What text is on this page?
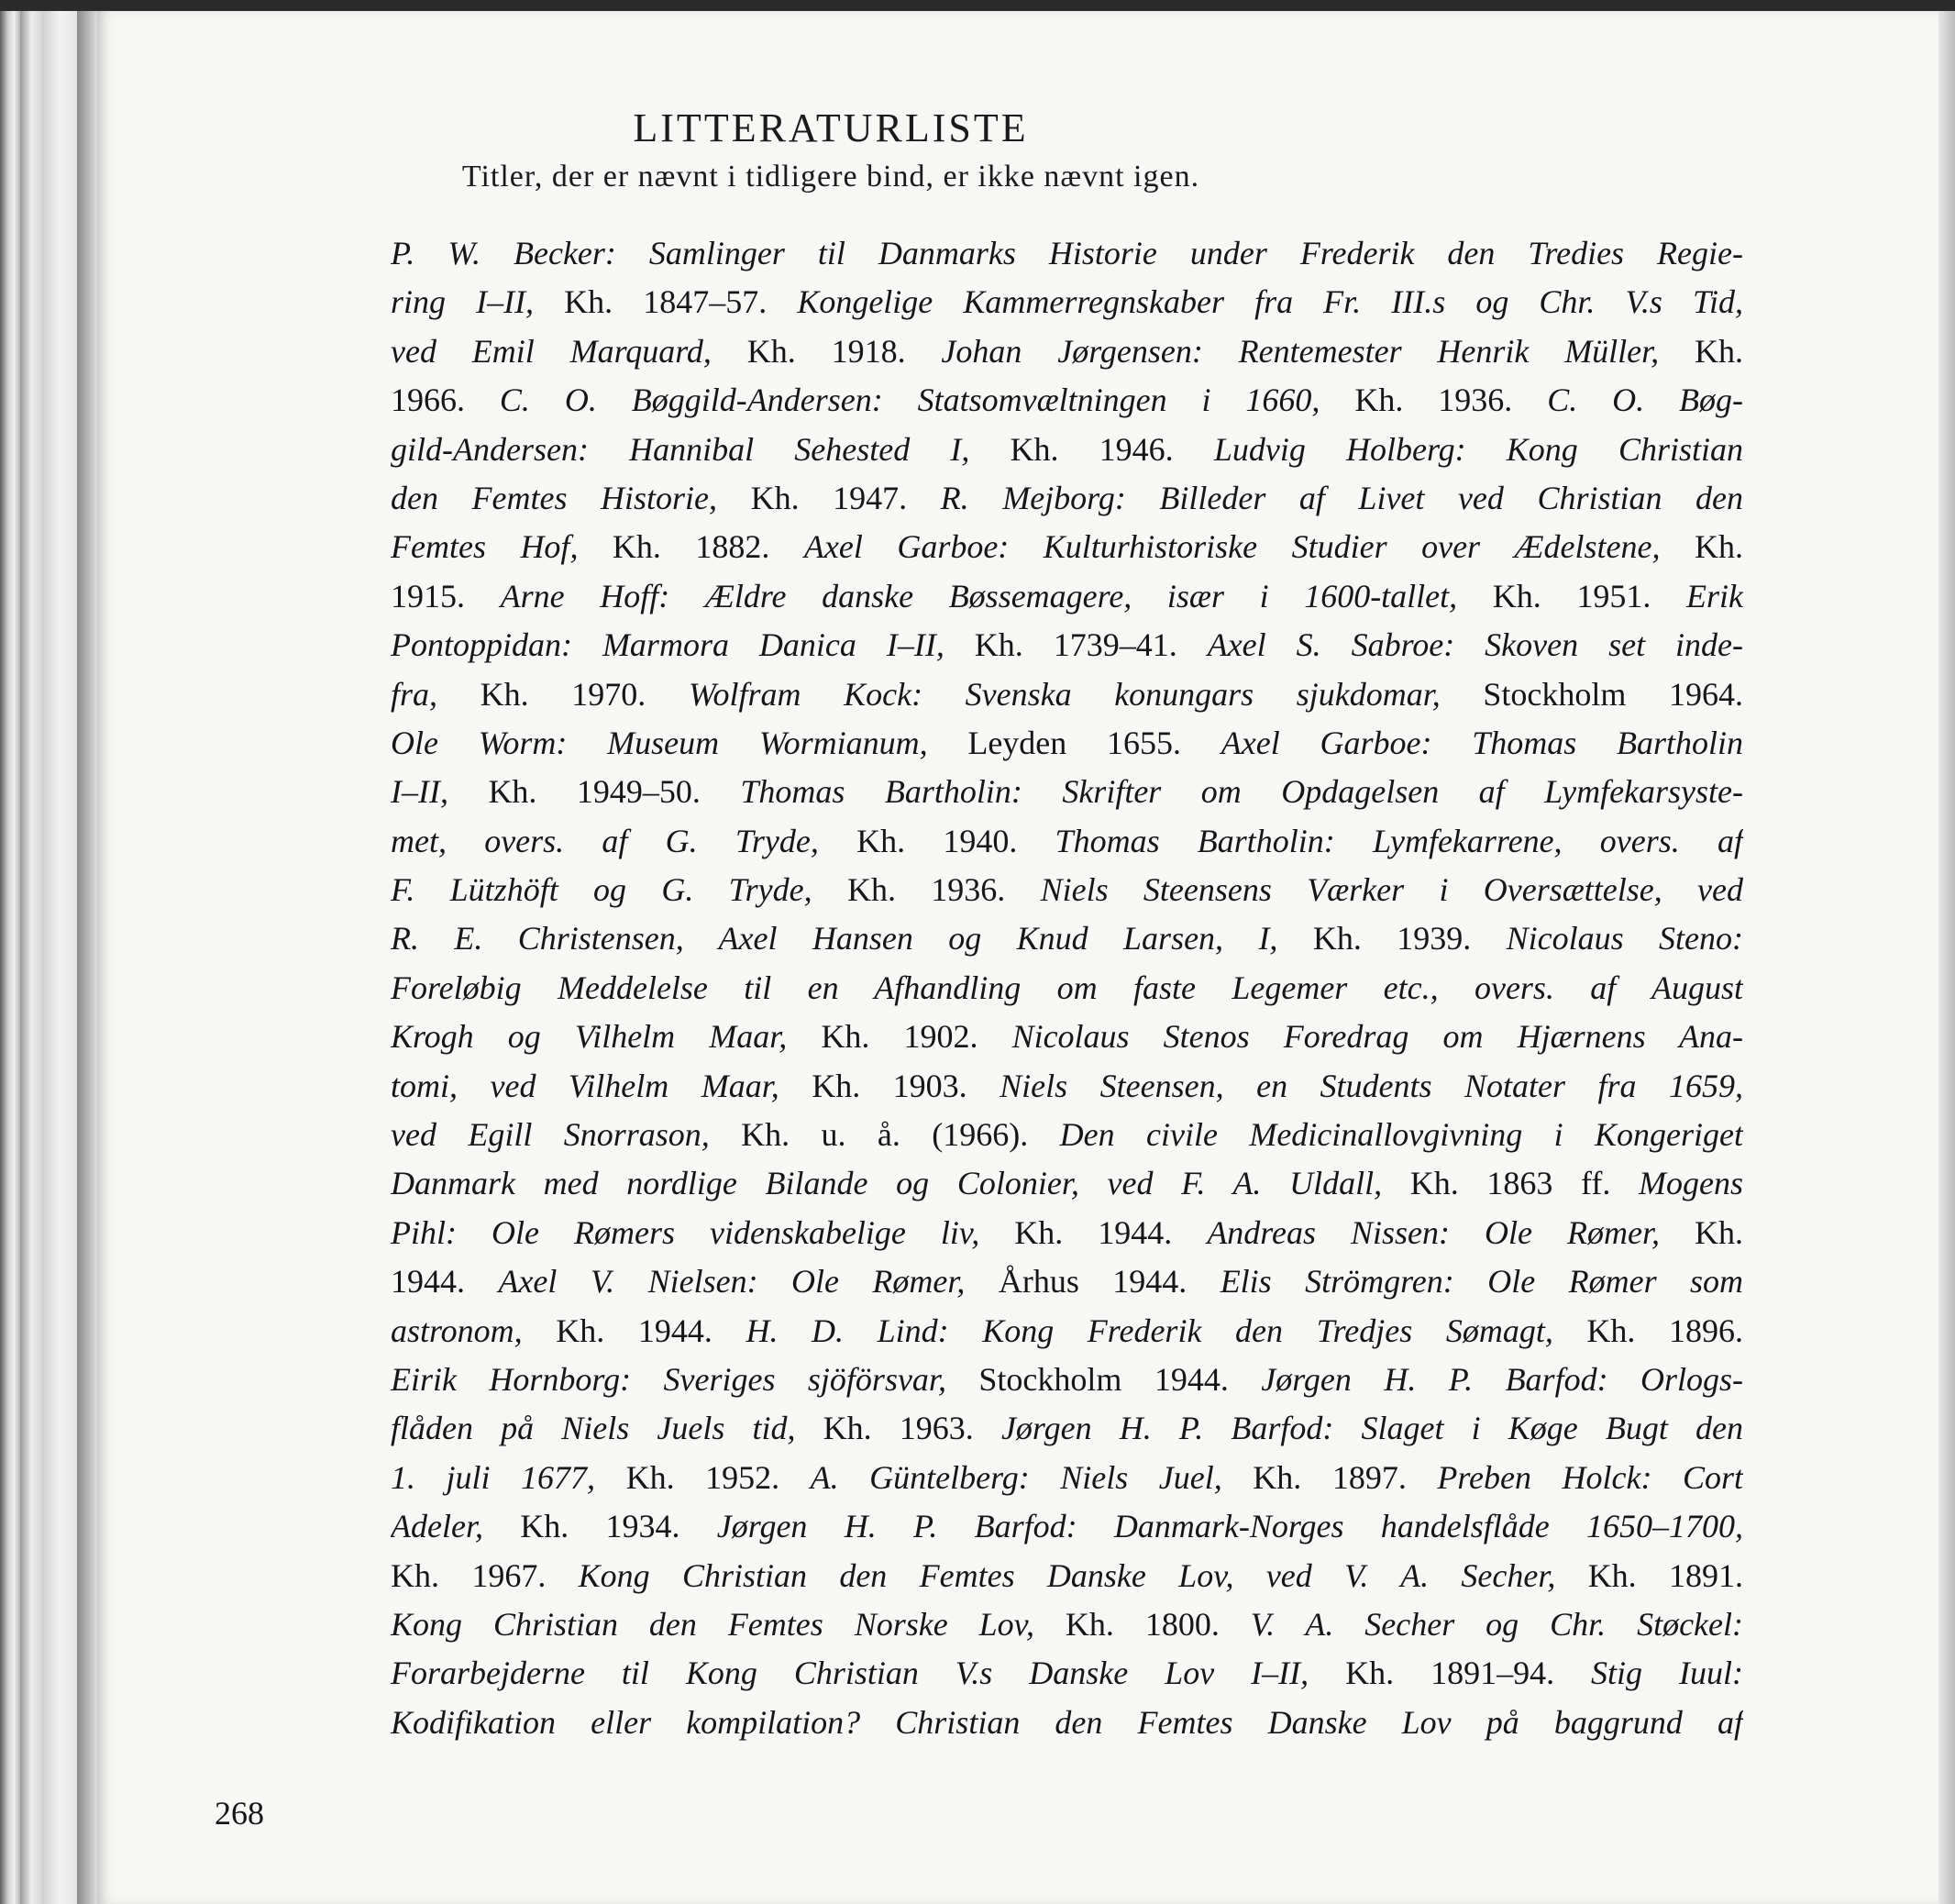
LITTERATURLISTE
Titler, der er nævnt i tidligere bind, er ikke nævnt igen.
P. W. Becker: Samlinger til Danmarks Historie under Frederik den Tredies Regie-
ring I–II, Kh. 1847–57. Kongelige Kammerregnskaber fra Fr. III.s og Chr. V.s Tid,
ved Emil Marquard, Kh. 1918. Johan Jørgensen: Rentemester Henrik Müller, Kh.
1966. C. O. Bøggild-Andersen: Statsomvæltningen i 1660, Kh. 1936. C. O. Bøg-
gild-Andersen: Hannibal Sehested I, Kh. 1946. Ludvig Holberg: Kong Christian
den Femtes Historie, Kh. 1947. R. Mejborg: Billeder af Livet ved Christian den
Femtes Hof, Kh. 1882. Axel Garboe: Kulturhistoriske Studier over Ædelstene, Kh.
1915. Arne Hoff: Ældre danske Bøssemagere, især i 1600-tallet, Kh. 1951. Erik
Pontoppidan: Marmora Danica I–II, Kh. 1739–41. Axel S. Sabroe: Skoven set inde-
fra, Kh. 1970. Wolfram Kock: Svenska konungars sjukdomar, Stockholm 1964.
Ole Worm: Museum Wormianum, Leyden 1655. Axel Garboe: Thomas Bartholin
I–II, Kh. 1949–50. Thomas Bartholin: Skrifter om Opdagelsen af Lymfekarsyste-
met, overs. af G. Tryde, Kh. 1940. Thomas Bartholin: Lymfekarrene, overs. af
F. Lützhöft og G. Tryde, Kh. 1936. Niels Steensens Værker i Oversættelse, ved
R. E. Christensen, Axel Hansen og Knud Larsen, I, Kh. 1939. Nicolaus Steno:
Foreløbig Meddelelse til en Afhandling om faste Legemer etc., overs. af August
Krogh og Vilhelm Maar, Kh. 1902. Nicolaus Stenos Foredrag om Hjærnens Ana-
tomi, ved Vilhelm Maar, Kh. 1903. Niels Steensen, en Students Notater fra 1659,
ved Egill Snorrason, Kh. u. å. (1966). Den civile Medicinallovgivning i Kongeriget
Danmark med nordlige Bilande og Colonier, ved F. A. Uldall, Kh. 1863 ff. Mogens
Pihl: Ole Rømers videnskabelige liv, Kh. 1944. Andreas Nissen: Ole Rømer, Kh.
1944. Axel V. Nielsen: Ole Rømer, Århus 1944. Elis Strömgren: Ole Rømer som
astronom, Kh. 1944. H. D. Lind: Kong Frederik den Tredjes Sømagt, Kh. 1896.
Eirik Hornborg: Sveriges sjöförsvar, Stockholm 1944. Jørgen H. P. Barfod: Orlogs-
flåden på Niels Juels tid, Kh. 1963. Jørgen H. P. Barfod: Slaget i Køge Bugt den
1. juli 1677, Kh. 1952. A. Güntelberg: Niels Juel, Kh. 1897. Preben Holck: Cort
Adeler, Kh. 1934. Jørgen H. P. Barfod: Danmark-Norges handelsflåde 1650–1700,
Kh. 1967. Kong Christian den Femtes Danske Lov, ved V. A. Secher, Kh. 1891.
Kong Christian den Femtes Norske Lov, Kh. 1800. V. A. Secher og Chr. Støckel:
Forarbejderne til Kong Christian V.s Danske Lov I–II, Kh. 1891–94. Stig Iuul:
Kodifikation eller kompilation? Christian den Femtes Danske Lov på baggrund af
268
